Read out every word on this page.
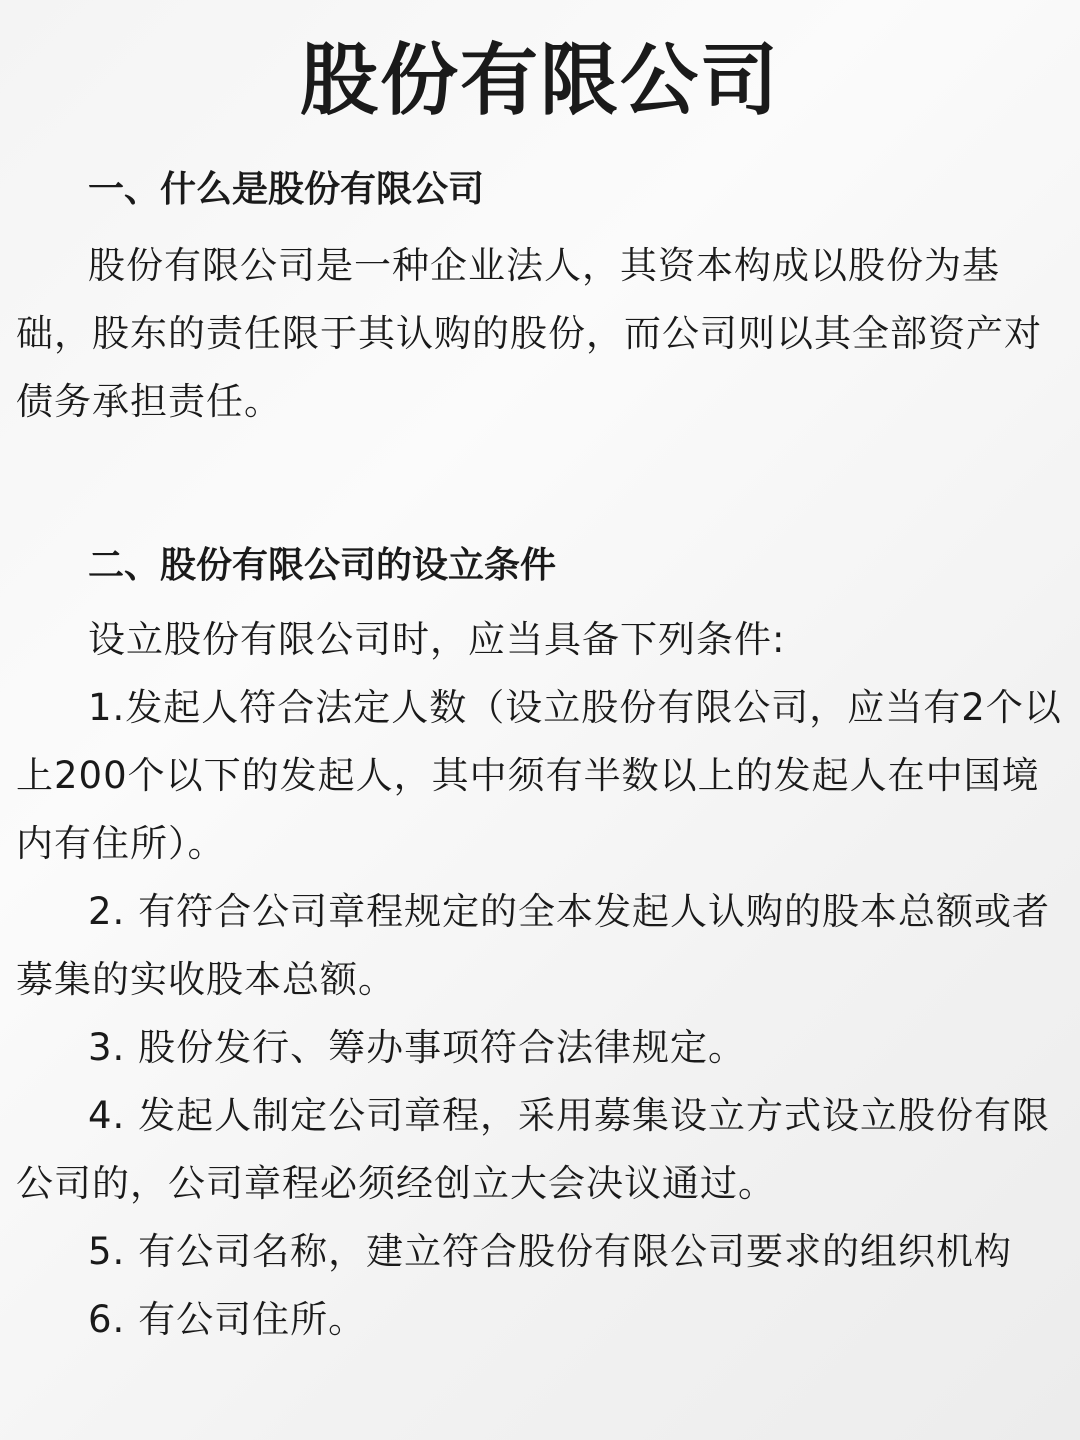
股份有限公司
一、什么是股份有限公司

股份有限公司是一种企业法人，其资本构成以股份为基础，股东的责任限于其认购的股份，而公司则以其全部资产对债务承担责任。

二、股份有限公司的设立条件

设立股份有限公司时，应当具备下列条件:

1.发起人符合法定人数（设立股份有限公司，应当有2个以上200个以下的发起人，其中须有半数以上的发起人在中国境内有住所）。

2. 有符合公司章程规定的全本发起人认购的股本总额或者募集的实收股本总额。

3. 股份发行、筹办事项符合法律规定。

4. 发起人制定公司章程，采用募集设立方式设立股份有限公司的，公司章程必须经创立大会决议通过。

5. 有公司名称，建立符合股份有限公司要求的组织机构

6. 有公司住所。
